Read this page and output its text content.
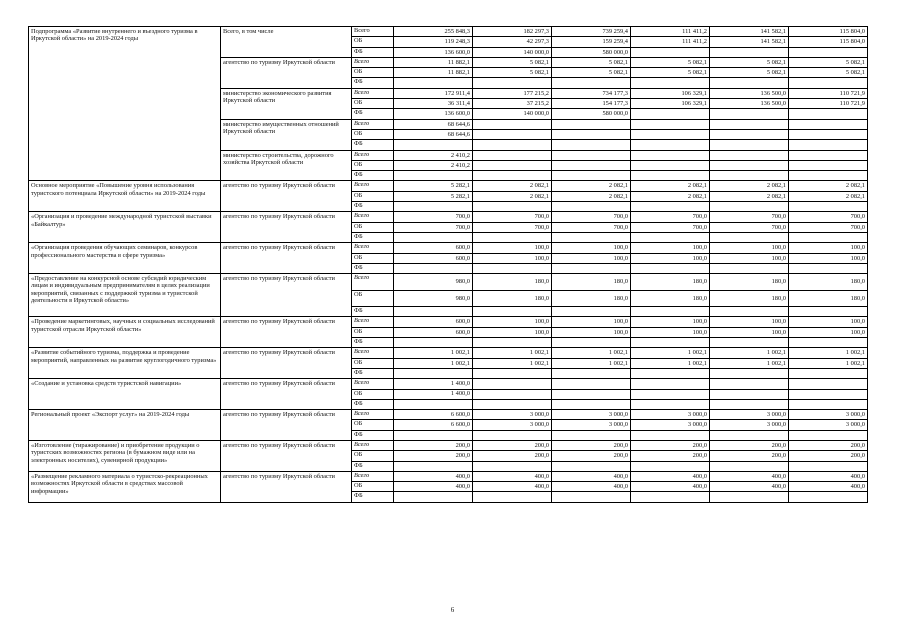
Подпрограмма «Развитие внутреннего и въездного туризма в Иркутской области» на 2019-2024 годы	Всего, в том числе	Всего	255 848,3	182 297,3	739 259,4	111 411,2	141 582,1	115 804,0
		ОБ	119 248,3	42 297,3	159 259,4	111 411,2	141 582,1	115 804,0
		ФБ	136 600,0	140 000,0	580 000,0			
	агентство по туризму Иркутской области	Всего	11 882,1	5 082,1	5 082,1	5 082,1	5 082,1	5 082,1
		ОБ	11 882,1	5 082,1	5 082,1	5 082,1	5 082,1	5 082,1
		ФБ						
	министерство экономического развития Иркутской области	Всего	172 911,4	177 215,2	734 177,3	106 329,1	136 500,0	110 721,9
		ОБ	36 311,4	37 215,2	154 177,3	106 329,1	136 500,0	110 721,9
		ФБ	136 600,0	140 000,0	580 000,0			
	министерство имущественных отношений Иркутской области	Всего	68 644,6					
		ОБ	68 644,6					
		ФБ						
	министерство строительства, дорожного хозяйства Иркутской области	Всего	2 410,2					
		ОБ	2 410,2					
		ФБ						
Основное мероприятие «Повышение уровня использования туристского потенциала Иркутской области» на 2019-2024 годы	агентство по туризму Иркутской области	Всего	5 282,1	2 082,1	2 082,1	2 082,1	2 082,1	2 082,1
		ОБ	5 282,1	2 082,1	2 082,1	2 082,1	2 082,1	2 082,1
		ФБ						
«Организация и проведение международной туристской выставки «Байкалтур»	агентство по туризму Иркутской области	Всего	700,0	700,0	700,0	700,0	700,0	700,0
		ОБ	700,0	700,0	700,0	700,0	700,0	700,0
		ФБ						
«Организация проведения обучающих семинаров, конкурсов профессионального мастерства в сфере туризма»	агентство по туризму Иркутской области	Всего	600,0	100,0	100,0	100,0	100,0	100,0
		ОБ	600,0	100,0	100,0	100,0	100,0	100,0
		ФБ						
«Предоставление на конкурсной основе субсидий юридическим лицам и индивидуальным предпринимателям в целях реализации мероприятий, связанных с поддержкой туризма и туристской деятельности в Иркутской области»	агентство по туризму Иркутской области	Всего	980,0	180,0	180,0	180,0	180,0	180,0
		ОБ	980,0	180,0	180,0	180,0	180,0	180,0
		ФБ						
«Проведение маркетинговых, научных и социальных исследований туристской отрасли Иркутской области»	агентство по туризму Иркутской области	Всего	600,0	100,0	100,0	100,0	100,0	100,0
		ОБ	600,0	100,0	100,0	100,0	100,0	100,0
		ФБ						
«Развитие событийного туризма, поддержка и проведение мероприятий, направленных на развитие круглогодичного туризма»	агентство по туризму Иркутской области	Всего	1 002,1	1 002,1	1 002,1	1 002,1	1 002,1	1 002,1
		ОБ	1 002,1	1 002,1	1 002,1	1 002,1	1 002,1	1 002,1
		ФБ						
«Создание и установка средств туристской навигации»	агентство по туризму Иркутской области	Всего	1 400,0					
		ОБ	1 400,0					
		ФБ						
Региональный проект «Экспорт услуг» на 2019-2024 годы	агентство по туризму Иркутской области	Всего	6 600,0	3 000,0	3 000,0	3 000,0	3 000,0	3 000,0
		ОБ	6 600,0	3 000,0	3 000,0	3 000,0	3 000,0	3 000,0
		ФБ						
«Изготовление (тиражирование) и приобретение продукции о туристских возможностях региона (в бумажном виде или на электронных носителях), сувенирной продукции»	агентство по туризму Иркутской области	Всего	200,0	200,0	200,0	200,0	200,0	200,0
		ОБ	200,0	200,0	200,0	200,0	200,0	200,0
		ФБ						
«Размещение рекламного материала о туристско-рекреационных возможностях Иркутской области в средствах массовой информации»	агентство по туризму Иркутской области	Всего	400,0	400,0	400,0	400,0	400,0	400,0
		ОБ	400,0	400,0	400,0	400,0	400,0	400,0
		ФБ						
6
